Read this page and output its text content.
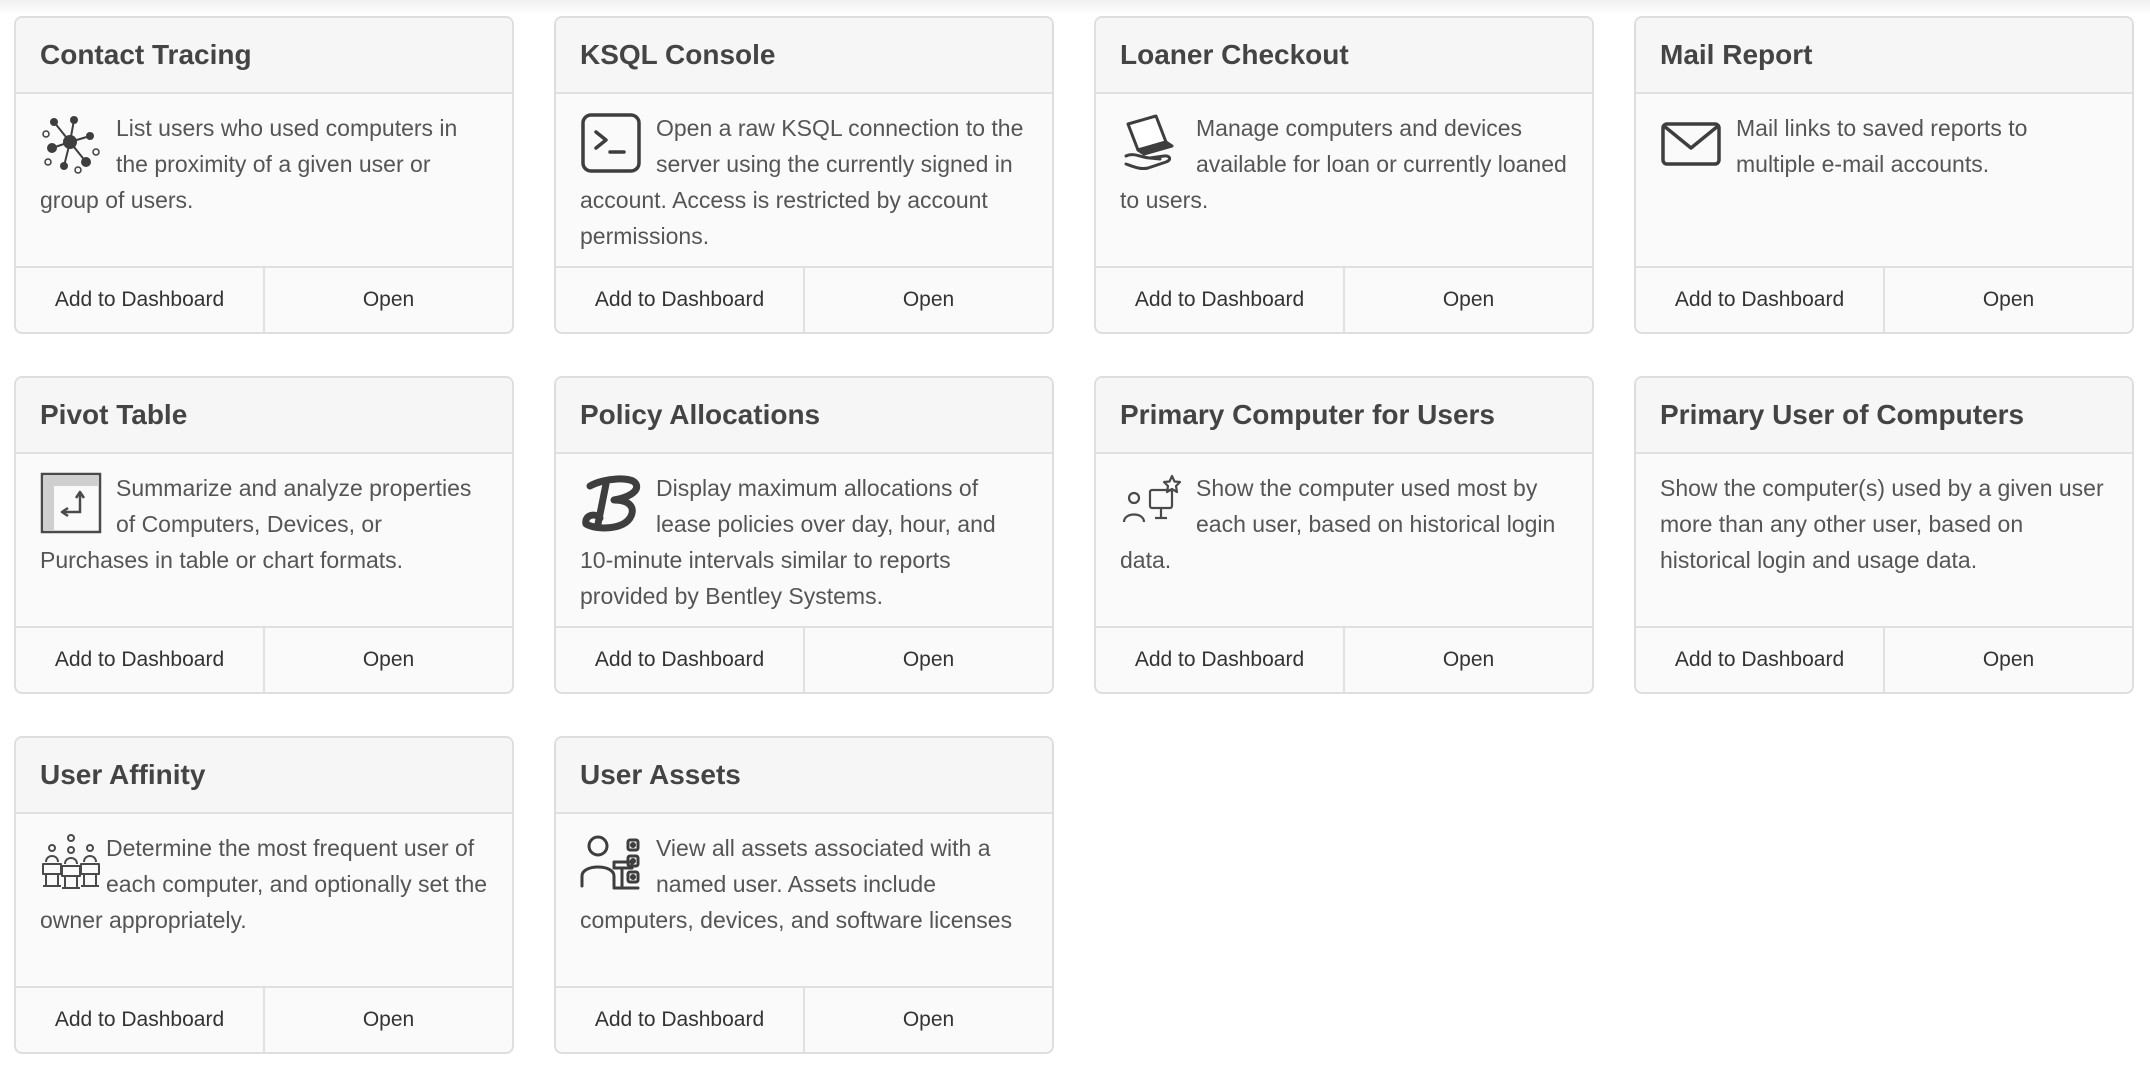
Contact Tracing
List users who used computers in the proximity of a given user or group of users.
Add to Dashboard	Open
KSQL Console
Open a raw KSQL connection to the server using the currently signed in account. Access is restricted by account permissions.
Add to Dashboard	Open
Loaner Checkout
Manage computers and devices available for loan or currently loaned to users.
Add to Dashboard	Open
Mail Report
Mail links to saved reports to multiple e-mail accounts.
Add to Dashboard	Open
Pivot Table
Summarize and analyze properties of Computers, Devices, or Purchases in table or chart formats.
Add to Dashboard	Open
Policy Allocations
Display maximum allocations of lease policies over day, hour, and 10-minute intervals similar to reports provided by Bentley Systems.
Add to Dashboard	Open
Primary Computer for Users
Show the computer used most by each user, based on historical login data.
Add to Dashboard	Open
Primary User of Computers
Show the computer(s) used by a given user more than any other user, based on historical login and usage data.
Add to Dashboard	Open
User Affinity
Determine the most frequent user of each computer, and optionally set the owner appropriately.
Add to Dashboard	Open
User Assets
View all assets associated with a named user. Assets include computers, devices, and software licenses
Add to Dashboard	Open
